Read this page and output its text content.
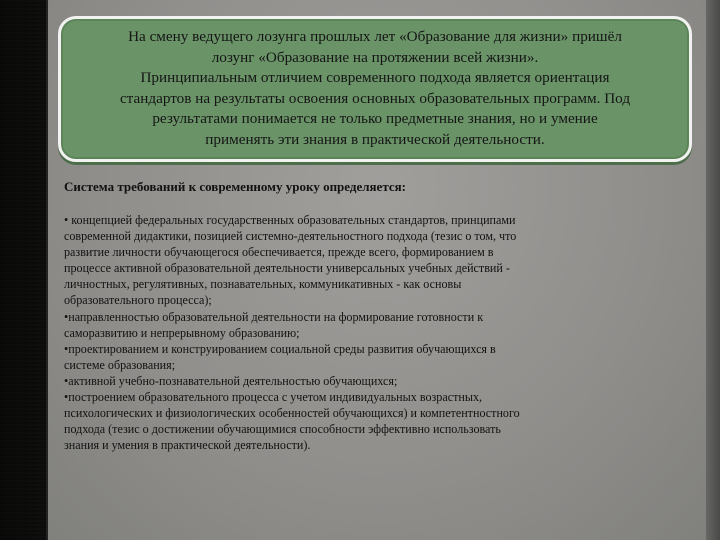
На смену ведущего лозунга прошлых лет «Образование для жизни» пришёл

лозунг «Образование на протяжении всей жизни».

Принципиальным отличием современного подхода является ориентация

стандартов на результаты освоения основных образовательных программ. Под

результатами понимается не только предметные знания, но и умение

применять эти знания в практической деятельности.

Система требований к современному уроку определяется:

• концепцией федеральных государственных образовательных стандартов, принципами
современной дидактики, позицией системно-деятельностного подхода (тезис о том, что
развитие личности обучающегося обеспечивается, прежде всего, формированием в
процессе активной образовательной деятельности универсальных учебных действий -
личностных, регулятивных, познавательных, коммуникативных - как основы
образовательного процесса);
•направленностью образовательной деятельности на формирование готовности к
саморазвитию и непрерывному образованию;
•проектированием и конструированием социальной среды развития обучающихся в
системе образования;
•активной учебно-познавательной деятельностью обучающихся;
•построением образовательного процесса с учетом индивидуальных возрастных,
психологических и физиологических особенностей обучающихся) и компетентностного
подхода (тезис о достижении обучающимися способности эффективно использовать
знания и умения в практической деятельности).
